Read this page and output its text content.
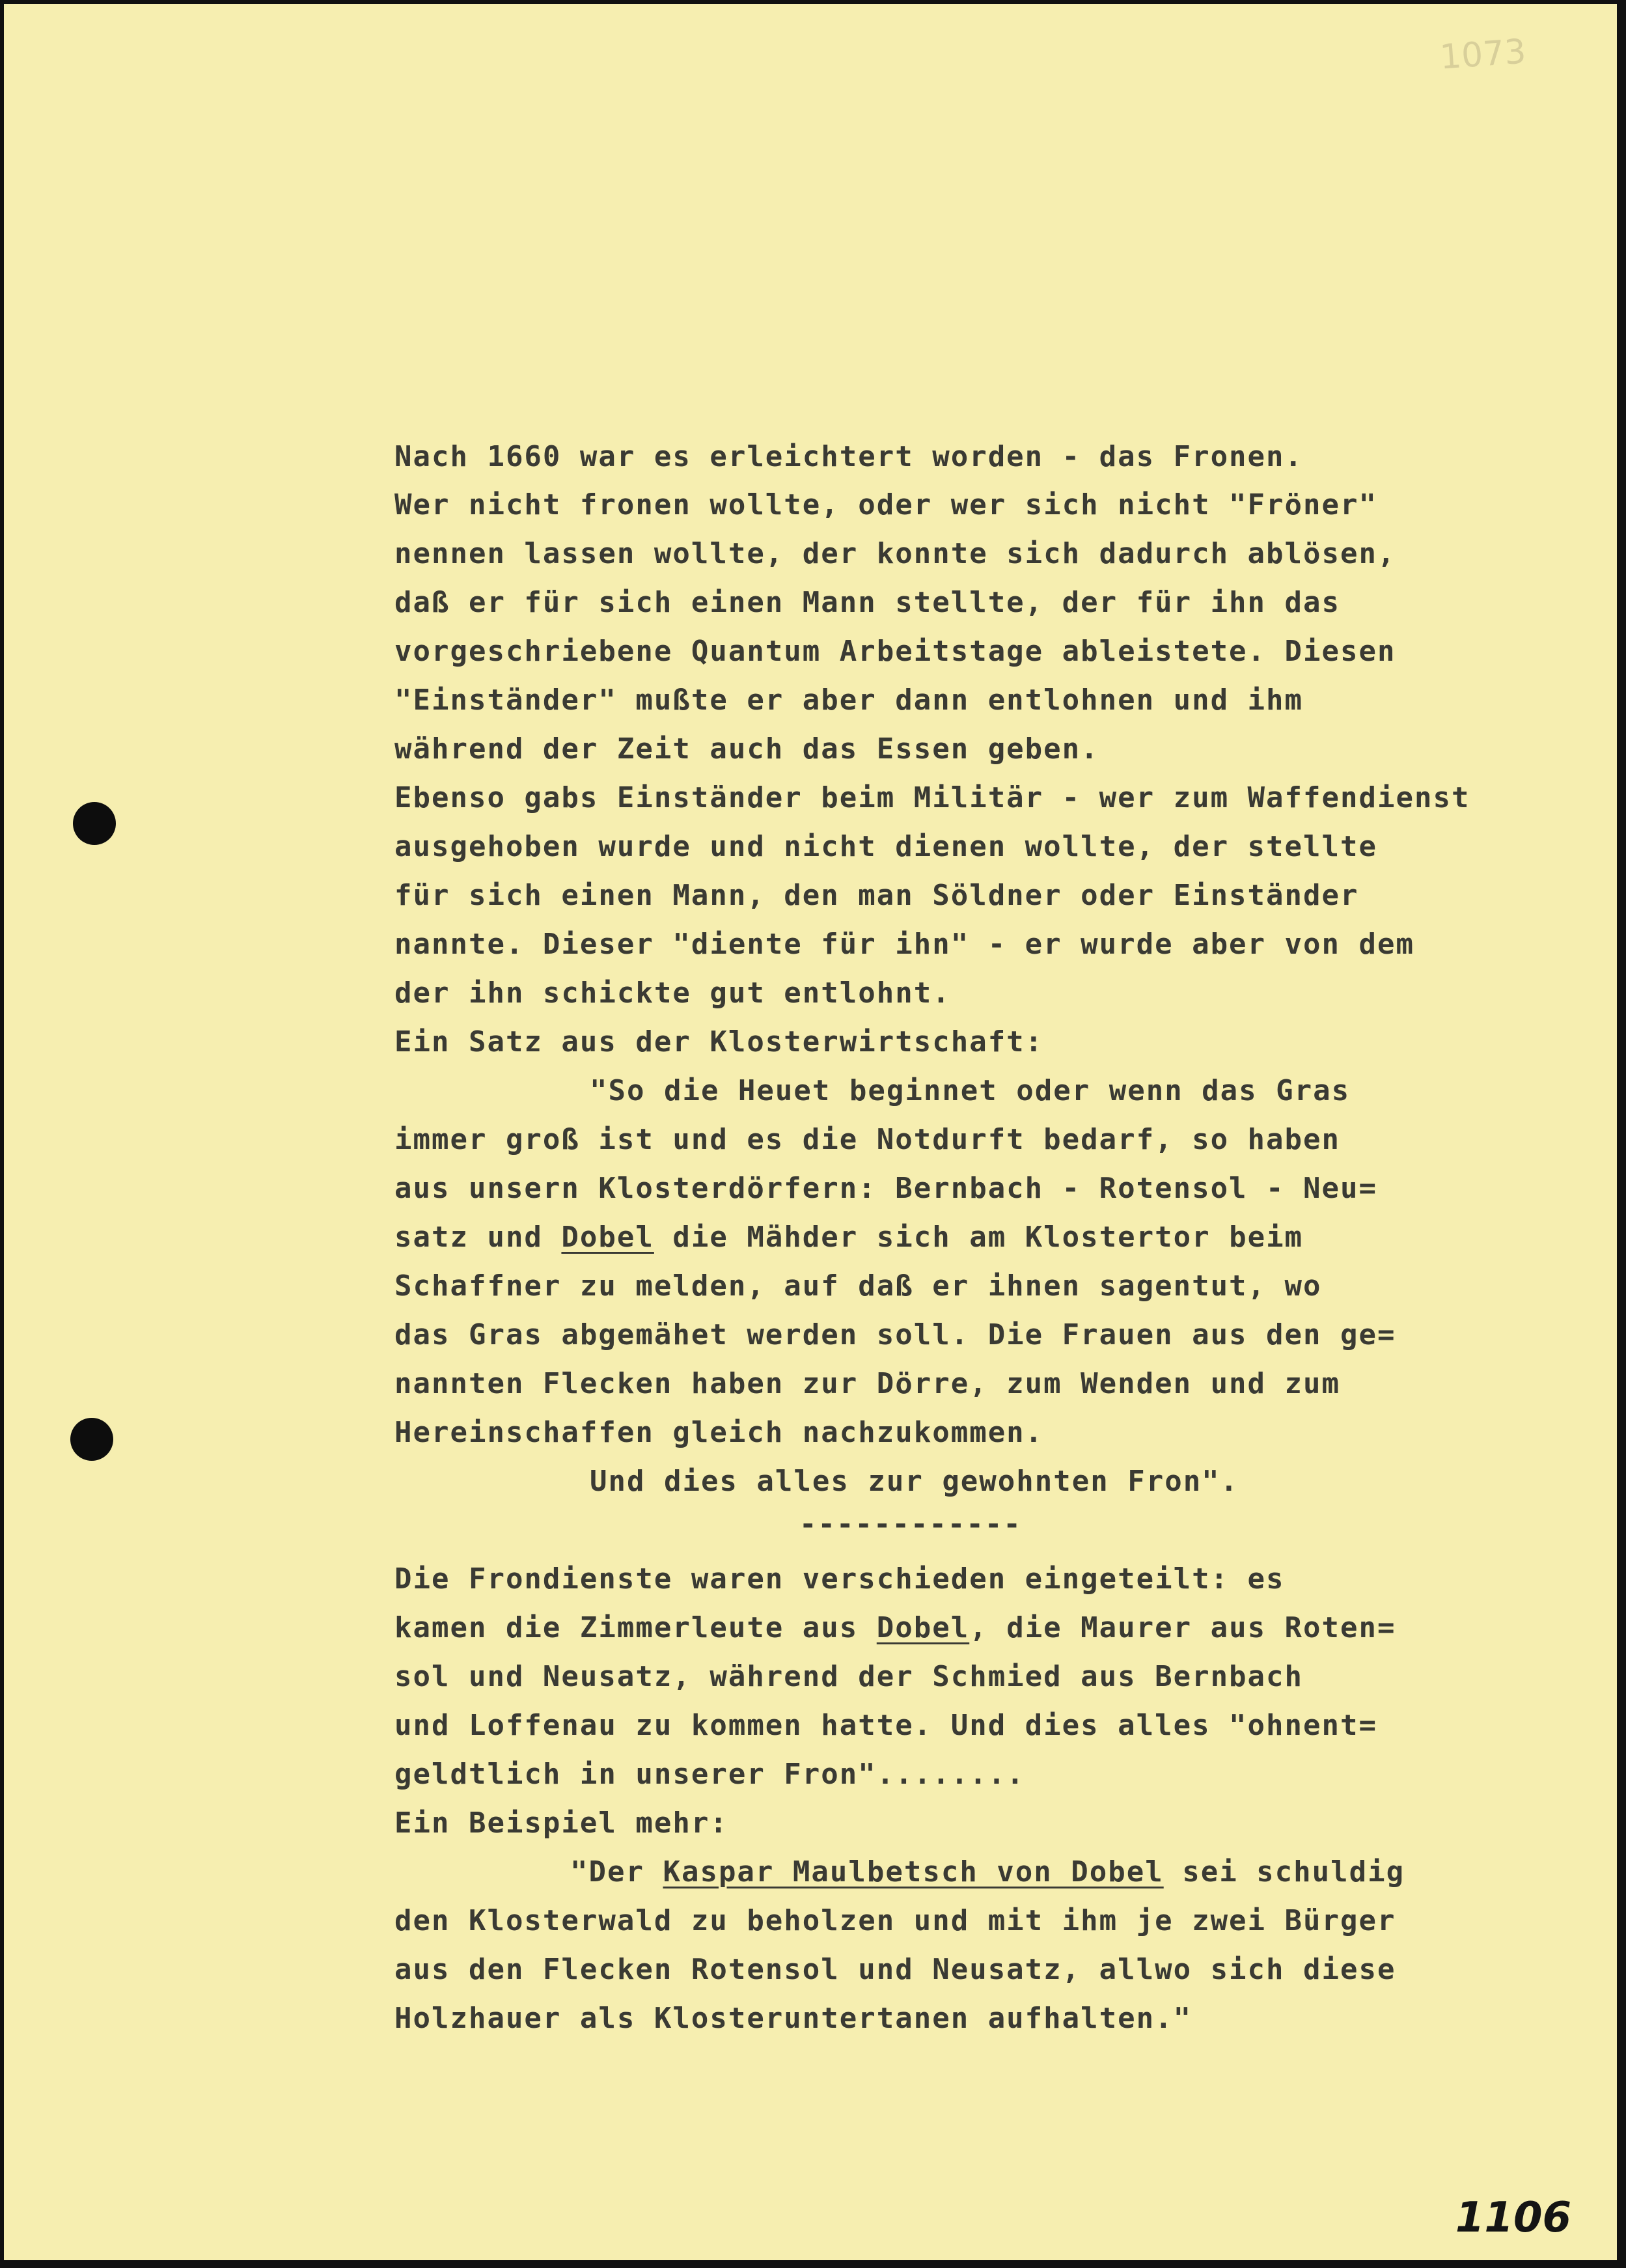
1073
Nach 1660 war es erleichtert worden - das Fronen.
Wer nicht fronen wollte, oder wer sich nicht "Fröner"
nennen lassen wollte, der konnte sich dadurch ablösen,
daß er für sich einen Mann stellte, der für ihn das
vorgeschriebene Quantum Arbeitstage ableistete. Diesen
"Einständer" mußte er aber dann entlohnen und ihm
während der Zeit auch das Essen geben.
Ebenso gabs Einständer beim Militär - wer zum Waffendienst
ausgehoben wurde und nicht dienen wollte, der stellte
für sich einen Mann, den man Söldner oder Einständer
nannte. Dieser "diente für ihn" - er wurde aber von dem
der ihn schickte gut entlohnt.
Ein Satz aus der Klosterwirtschaft:
"So die Heuet beginnet oder wenn das Gras
immer groß ist und es die Notdurft bedarf, so haben
aus unsern Klosterdörfern: Bernbach - Rotensol - Neu=
satz und Dobel die Mähder sich am Klostertor beim
Schaffner zu melden, auf daß er ihnen sagentut, wo
das Gras abgemähet werden soll. Die Frauen aus den ge=
nannten Flecken haben zur Dörre, zum Wenden und zum
Hereinschaffen gleich nachzukommen.
Und dies alles zur gewohnten Fron".
------------
Die Frondienste waren verschieden eingeteilt: es
kamen die Zimmerleute aus Dobel, die Maurer aus Roten=
sol und Neusatz, während der Schmied aus Bernbach
und Loffenau zu kommen hatte. Und dies alles "ohnent=
geldtlich in unserer Fron"........
Ein Beispiel mehr:
"Der Kaspar Maulbetsch von Dobel sei schuldig
den Klosterwald zu beholzen und mit ihm je zwei Bürger
aus den Flecken Rotensol und Neusatz, allwo sich diese
Holzhauer als Klosteruntertanen aufhalten."
1106
